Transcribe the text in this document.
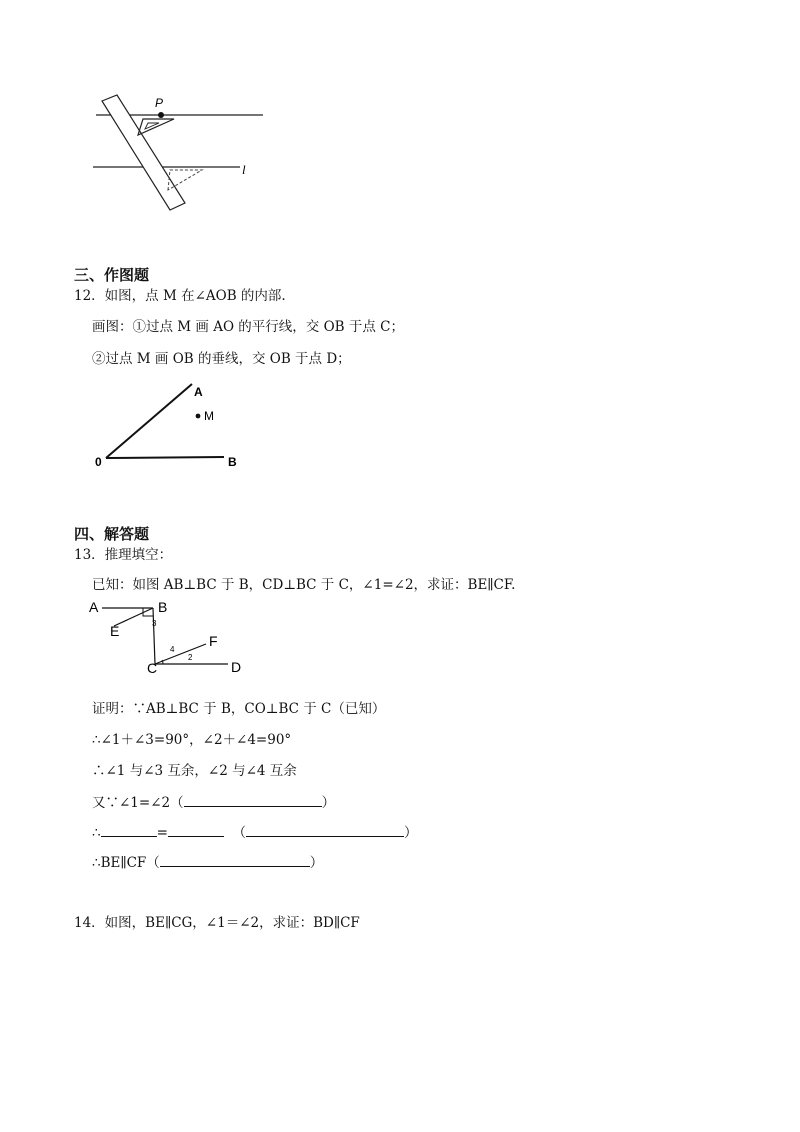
P
l
三、作图题
12．如图，点 M 在∠AOB 的内部.
画图：①过点 M 画 AO 的平行线，交 OB 于点 C；
②过点 M 画 OB 的垂线，交 OB 于点 D；
A
M
0	B
四、解答题
13．推理填空：
已知：如图 AB⊥BC 于 B，CD⊥BC 于 C，∠1=∠2，求证：BE∥CF.
A	B
E
C	D
F
3
4
2
证明：∵AB⊥BC 于 B，CO⊥BC 于 C（已知）
∴∠1＋∠3=90°，∠2＋∠4=90°
∴∠1 与∠3 互余，∠2 与∠4 互余
又∵∠1=∠2（	）
∴	=	（	）
∴BE∥CF（	）
14．如图，BE∥CG，∠1＝∠2，求证：BD∥CF
